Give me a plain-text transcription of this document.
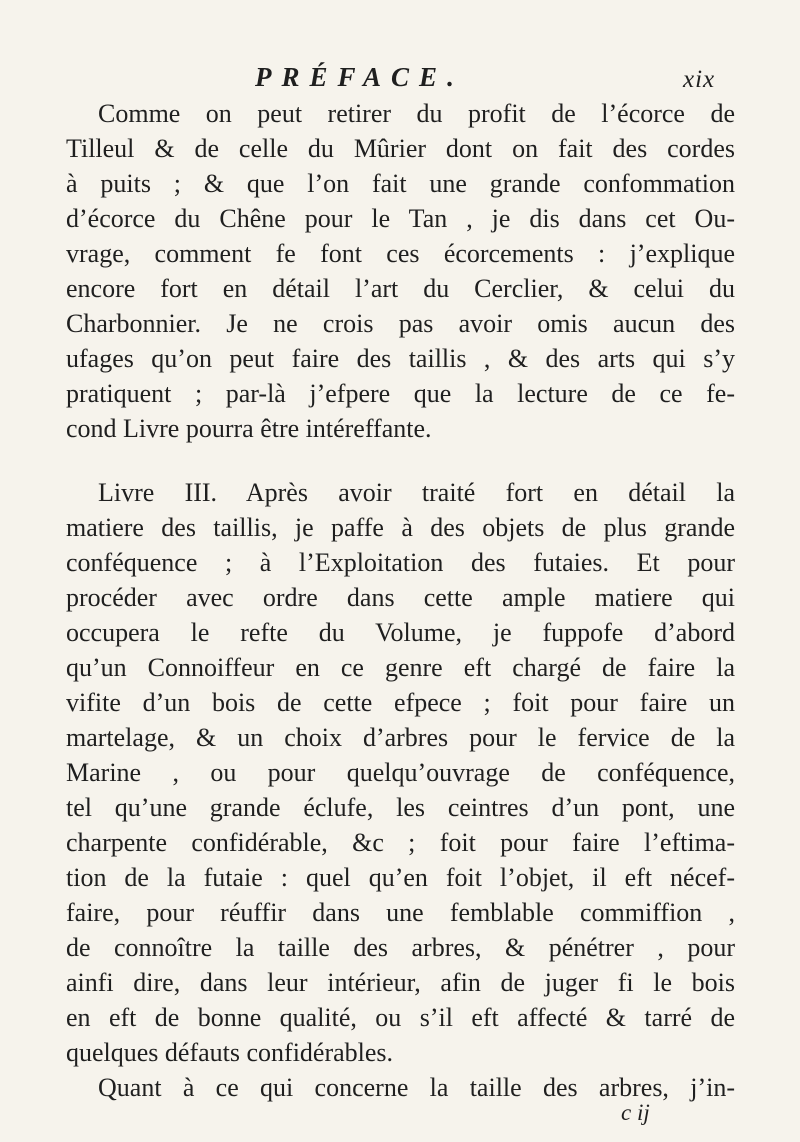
PRÉFACE.	xix

Comme on peut retirer du profit de l’écorce de

Tilleul & de celle du Mûrier dont on fait des cordes

à puits ; & que l’on fait une grande confommation

d’écorce du Chêne pour le Tan , je dis dans cet Ou-

vrage, comment fe font ces écorcements : j’explique

encore fort en détail l’art du Cerclier, & celui du

Charbonnier. Je ne crois pas avoir omis aucun des

ufages qu’on peut faire des taillis , & des arts qui s’y

pratiquent ; par-là j’efpere que la lecture de ce fe-

cond Livre pourra être intéreffante.

Livre III. Après avoir traité fort en détail la

matiere des taillis, je paffe à des objets de plus grande

conféquence ; à l’Exploitation des futaies. Et pour

procéder avec ordre dans cette ample matiere qui

occupera le refte du Volume, je fuppofe d’abord

qu’un Connoiffeur en ce genre eft chargé de faire la

vifite d’un bois de cette efpece ; foit pour faire un

martelage, & un choix d’arbres pour le fervice de la

Marine , ou pour quelqu’ouvrage de conféquence,

tel qu’une grande éclufe, les ceintres d’un pont, une

charpente confidérable, &c ; foit pour faire l’eftima-

tion de la futaie : quel qu’en foit l’objet, il eft nécef-

faire, pour réuffir dans une femblable commiffion ,

de connoître la taille des arbres, & pénétrer , pour

ainfi dire, dans leur intérieur, afin de juger fi le bois

en eft de bonne qualité, ou s’il eft affecté & tarré de

quelques défauts confidérables.

Quant à ce qui concerne la taille des arbres, j’in-

c ij
